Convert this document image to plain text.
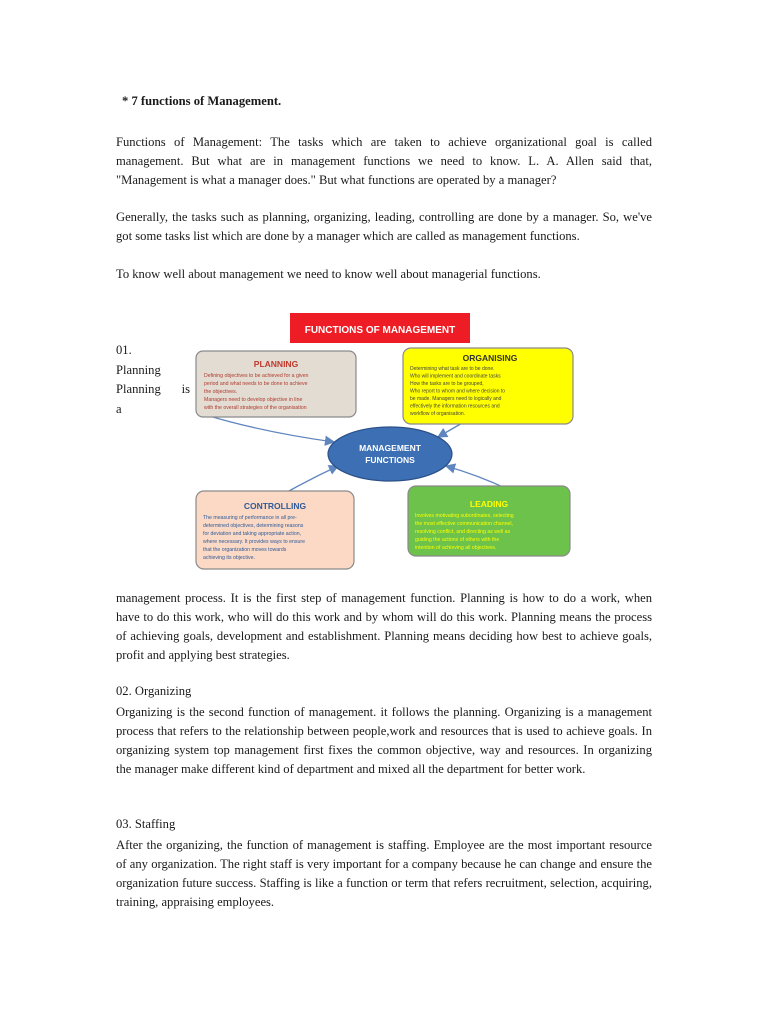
* 7 functions of Management.

Functions of Management: The tasks which are taken to achieve organizational goal is called management. But what are in management functions we need to know. L. A. Allen said that, "Management is what a manager does." But what functions are operated by a manager?

Generally, the tasks such as planning, organizing, leading, controlling are done by a manager. So, we've got some tasks list which are done by a manager which are called as management functions.

To know well about management we need to know well about managerial functions.

01.
Planning
Planning is
a
FUNCTIONS OF MANAGEMENT
PLANNING
Defining objectives to be achieved for a given
period and what needs to be done to achieve
the objectives.
Managers need to develop objective in line
with the overall strategies of the organisation
ORGANISING
Determining what task are to be done.
Who will implement and coordinate tasks
How the tasks are to be grouped,
Who report to whom and where decision to
be made. Managers need to logically and
effectively the information resources and
workflow of organisation.
MANAGEMENT
FUNCTIONS
CONTROLLING
The measuring of performance in all pre-
determined objectives, determining reasons
for deviation and taking appropriate action,
where necessary. It provides ways to ensure
that the organization moves towards
achieving its objective.
LEADING
Involves motivating subordinates, selecting
the most effective communication channel,
resolving conflict, and directing as well as
guiding the actions of others with the
intention of achieving all objectives.

management process. It is the first step of management function. Planning is how to do a work, when have to do this work, who will do this work and by whom will do this work. Planning means the process of achieving goals, development and establishment. Planning means deciding how best to achieve goals, profit and applying best strategies.

02. Organizing

Organizing is the second function of management. it follows the planning. Organizing is a management process that refers to the relationship between people,work and resources that is used to achieve goals. In organizing system top management first fixes the common objective, way and resources. In organizing the manager make different kind of department and mixed all the department for better work.

03. Staffing

After the organizing, the function of management is staffing. Employee are the most important resource of any organization. The right staff is very important for a company because he can change and ensure the organization future success. Staffing is like a function or term that refers recruitment, selection, acquiring, training, appraising employees.
